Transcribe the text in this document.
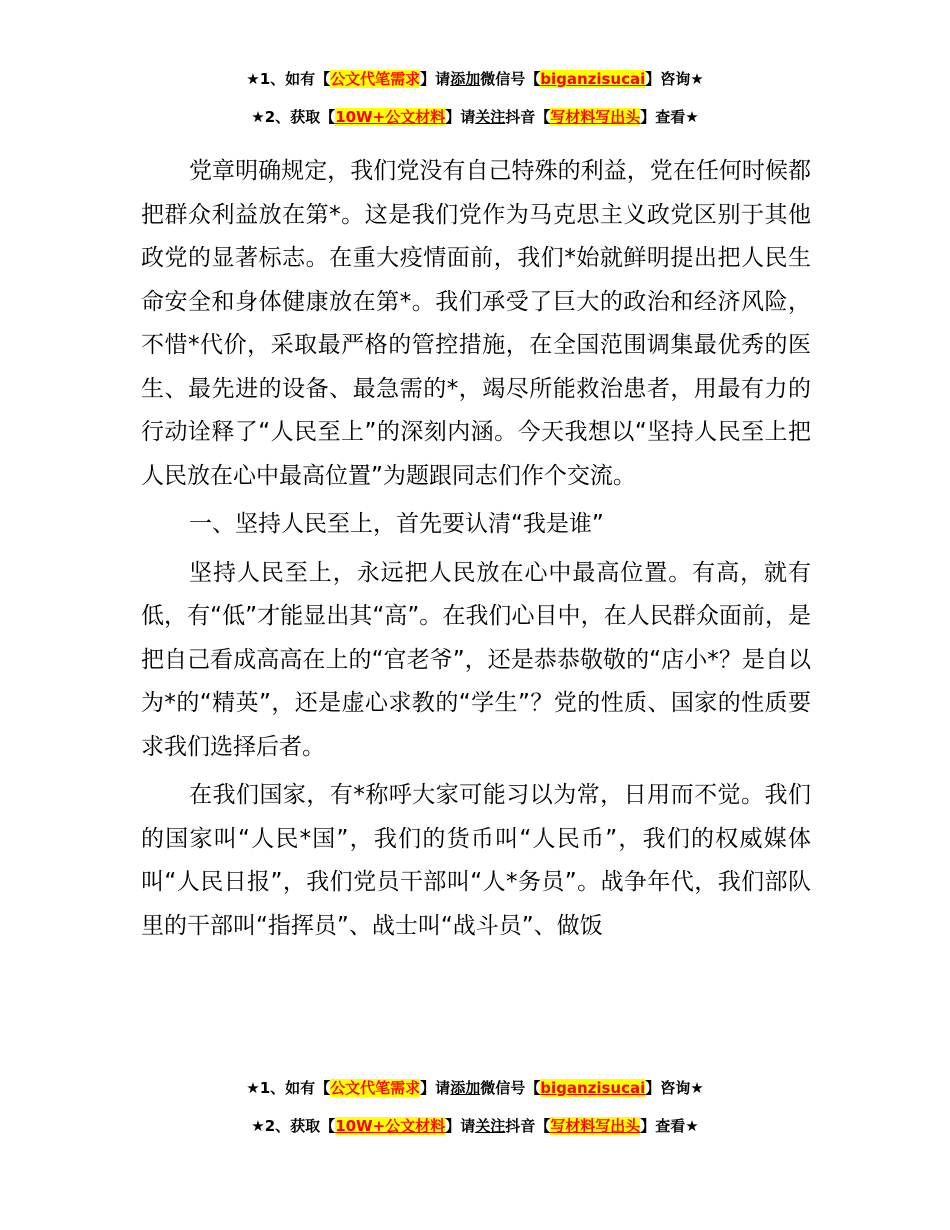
★1、如有【公文代笔需求】请添加微信号【biganzisucai】咨询★
★2、获取【10W+公文材料】请关注抖音【写材料写出头】查看★

党章明确规定，我们党没有自己特殊的利益，党在任何时候都把群众利益放在第*。这是我们党作为马克思主义政党区别于其他政党的显著标志。在重大疫情面前，我们*始就鲜明提出把人民生命安全和身体健康放在第*。我们承受了巨大的政治和经济风险，不惜*代价，采取最严格的管控措施，在全国范围调集最优秀的医生、最先进的设备、最急需的*，竭尽所能救治患者，用最有力的行动诠释了“人民至上”的深刻内涵。今天我想以“坚持人民至上把人民放在心中最高位置”为题跟同志们作个交流。

一、坚持人民至上，首先要认清“我是谁”

坚持人民至上，永远把人民放在心中最高位置。有高，就有低，有“低”才能显出其“高”。在我们心目中，在人民群众面前，是把自己看成高高在上的“官老爷”，还是恭恭敬敬的“店小*？是自以为*的“精英”，还是虚心求教的“学生”？党的性质、国家的性质要求我们选择后者。

在我们国家，有*称呼大家可能习以为常，日用而不觉。我们的国家叫“人民*国”，我们的货币叫“人民币”，我们的权威媒体叫“人民日报”，我们党员干部叫“人*务员”。战争年代，我们部队里的干部叫“指挥员”、战士叫“战斗员”、做饭

★1、如有【公文代笔需求】请添加微信号【biganzisucai】咨询★
★2、获取【10W+公文材料】请关注抖音【写材料写出头】查看★
